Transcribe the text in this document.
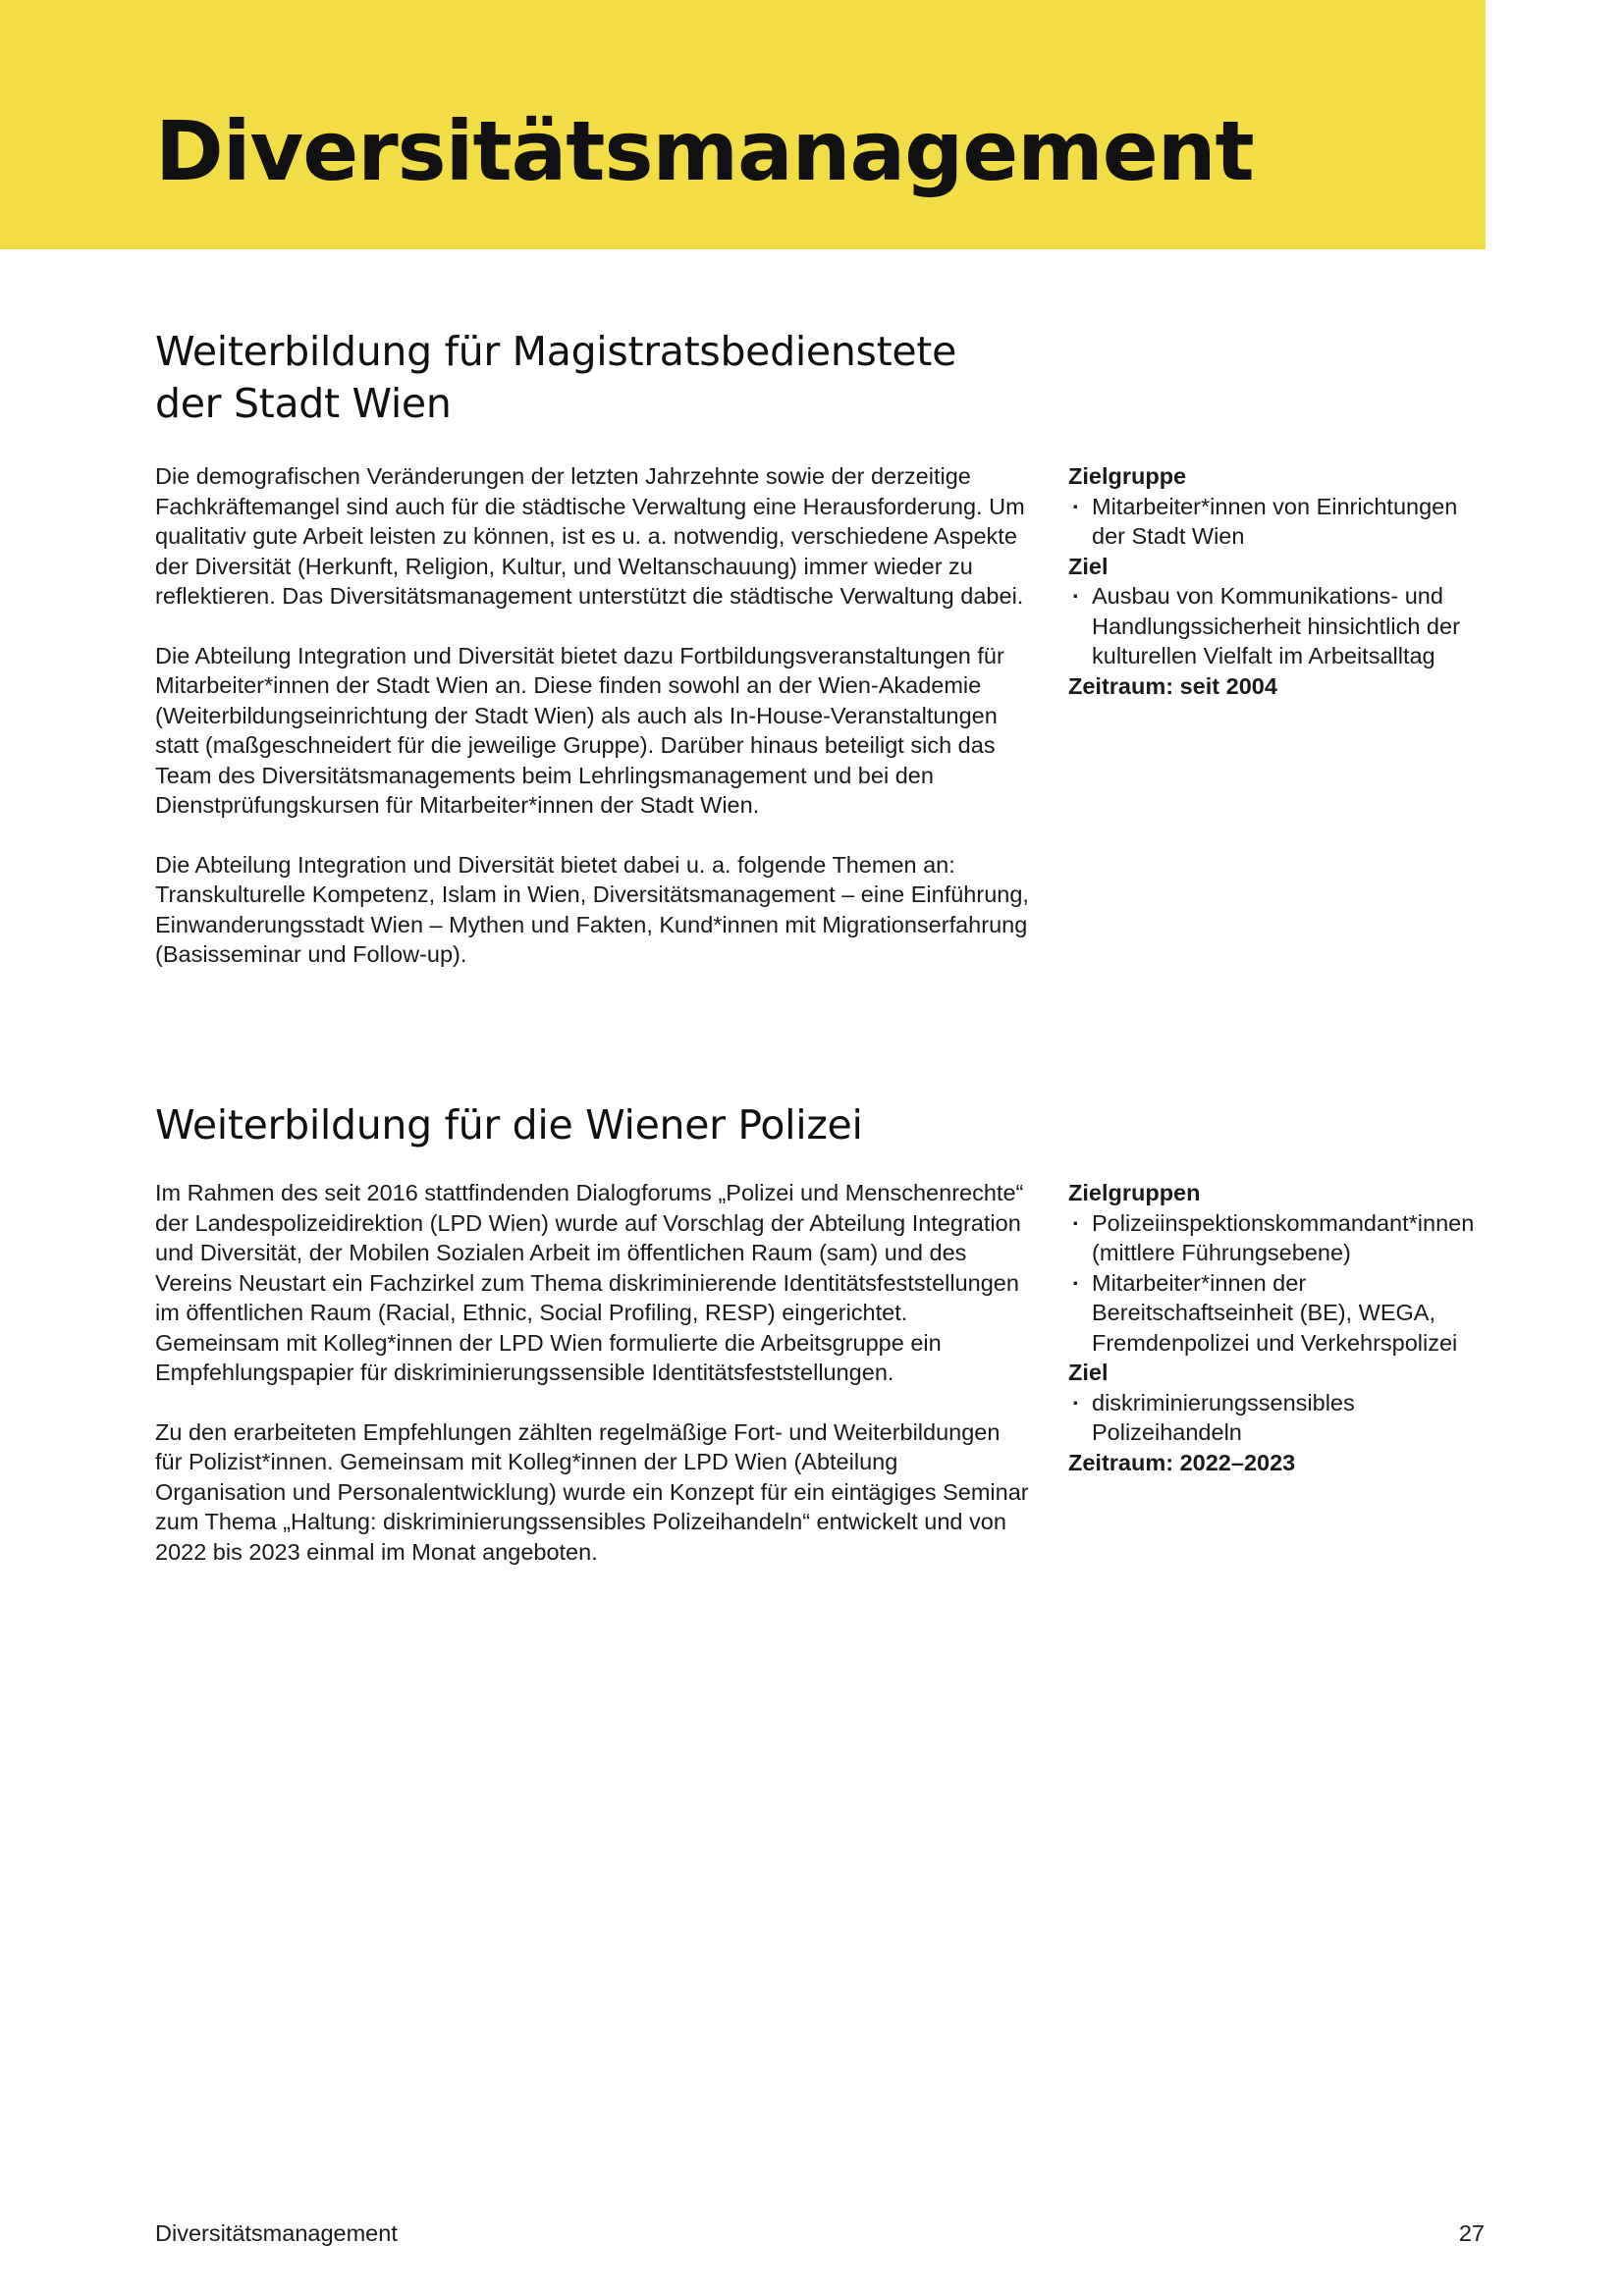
Diversitätsmanagement
Weiterbildung für Magistratsbedienstete
der Stadt Wien

Die demografischen Veränderungen der letzten Jahrzehnte sowie der derzeitige Fachkräftemangel sind auch für die städtische Verwaltung eine Herausforderung. Um qualitativ gute Arbeit leisten zu können, ist es u. a. notwendig, verschiedene Aspekte der Diversität (Herkunft, Religion, Kultur, und Weltanschauung) immer wieder zu reflektieren. Das Diversitätsmanagement unterstützt die städtische Verwaltung dabei.

Die Abteilung Integration und Diversität bietet dazu Fortbildungsveranstaltungen für Mitarbeiter*innen der Stadt Wien an. Diese finden sowohl an der Wien-Akademie (Weiterbildungseinrichtung der Stadt Wien) als auch als In-House-Veranstaltungen statt (maßgeschneidert für die jeweilige Gruppe). Darüber hinaus beteiligt sich das Team des Diversitätsmanagements beim Lehrlingsmanagement und bei den Dienstprüfungskursen für Mitarbeiter*innen der Stadt Wien.

Die Abteilung Integration und Diversität bietet dabei u. a. folgende Themen an: Transkulturelle Kompetenz, Islam in Wien, Diversitätsmanagement – eine Einführung, Einwanderungsstadt Wien – Mythen und Fakten, Kund*innen mit Migrationserfahrung (Basisseminar und Follow-up).

Zielgruppe
· Mitarbeiter*innen von Einrichtungen der Stadt Wien
Ziel
· Ausbau von Kommunikations- und Handlungssicherheit hinsichtlich der kulturellen Vielfalt im Arbeitsalltag
Zeitraum: seit 2004
Weiterbildung für die Wiener Polizei

Im Rahmen des seit 2016 stattfindenden Dialogforums „Polizei und Menschenrechte“ der Landespolizeidirektion (LPD Wien) wurde auf Vorschlag der Abteilung Integration und Diversität, der Mobilen Sozialen Arbeit im öffentlichen Raum (sam) und des Vereins Neustart ein Fachzirkel zum Thema diskriminierende Identitätsfeststellungen im öffentlichen Raum (Racial, Ethnic, Social Profiling, RESP) eingerichtet. Gemeinsam mit Kolleg*innen der LPD Wien formulierte die Arbeitsgruppe ein Empfehlungspapier für diskriminierungssensible Identitätsfeststellungen.

Zu den erarbeiteten Empfehlungen zählten regelmäßige Fort- und Weiterbildungen für Polizist*innen. Gemeinsam mit Kolleg*innen der LPD Wien (Abteilung Organisation und Personalentwicklung) wurde ein Konzept für ein eintägiges Seminar zum Thema „Haltung: diskriminierungssensibles Polizeihandeln“ entwickelt und von 2022 bis 2023 einmal im Monat angeboten.

Zielgruppen
· Polizeiinspektionskommandant*innen (mittlere Führungsebene)
· Mitarbeiter*innen der Bereitschaftseinheit (BE), WEGA, Fremdenpolizei und Verkehrspolizei
Ziel
· diskriminierungssensibles Polizeihandeln
Zeitraum: 2022–2023
Diversitätsmanagement	27
